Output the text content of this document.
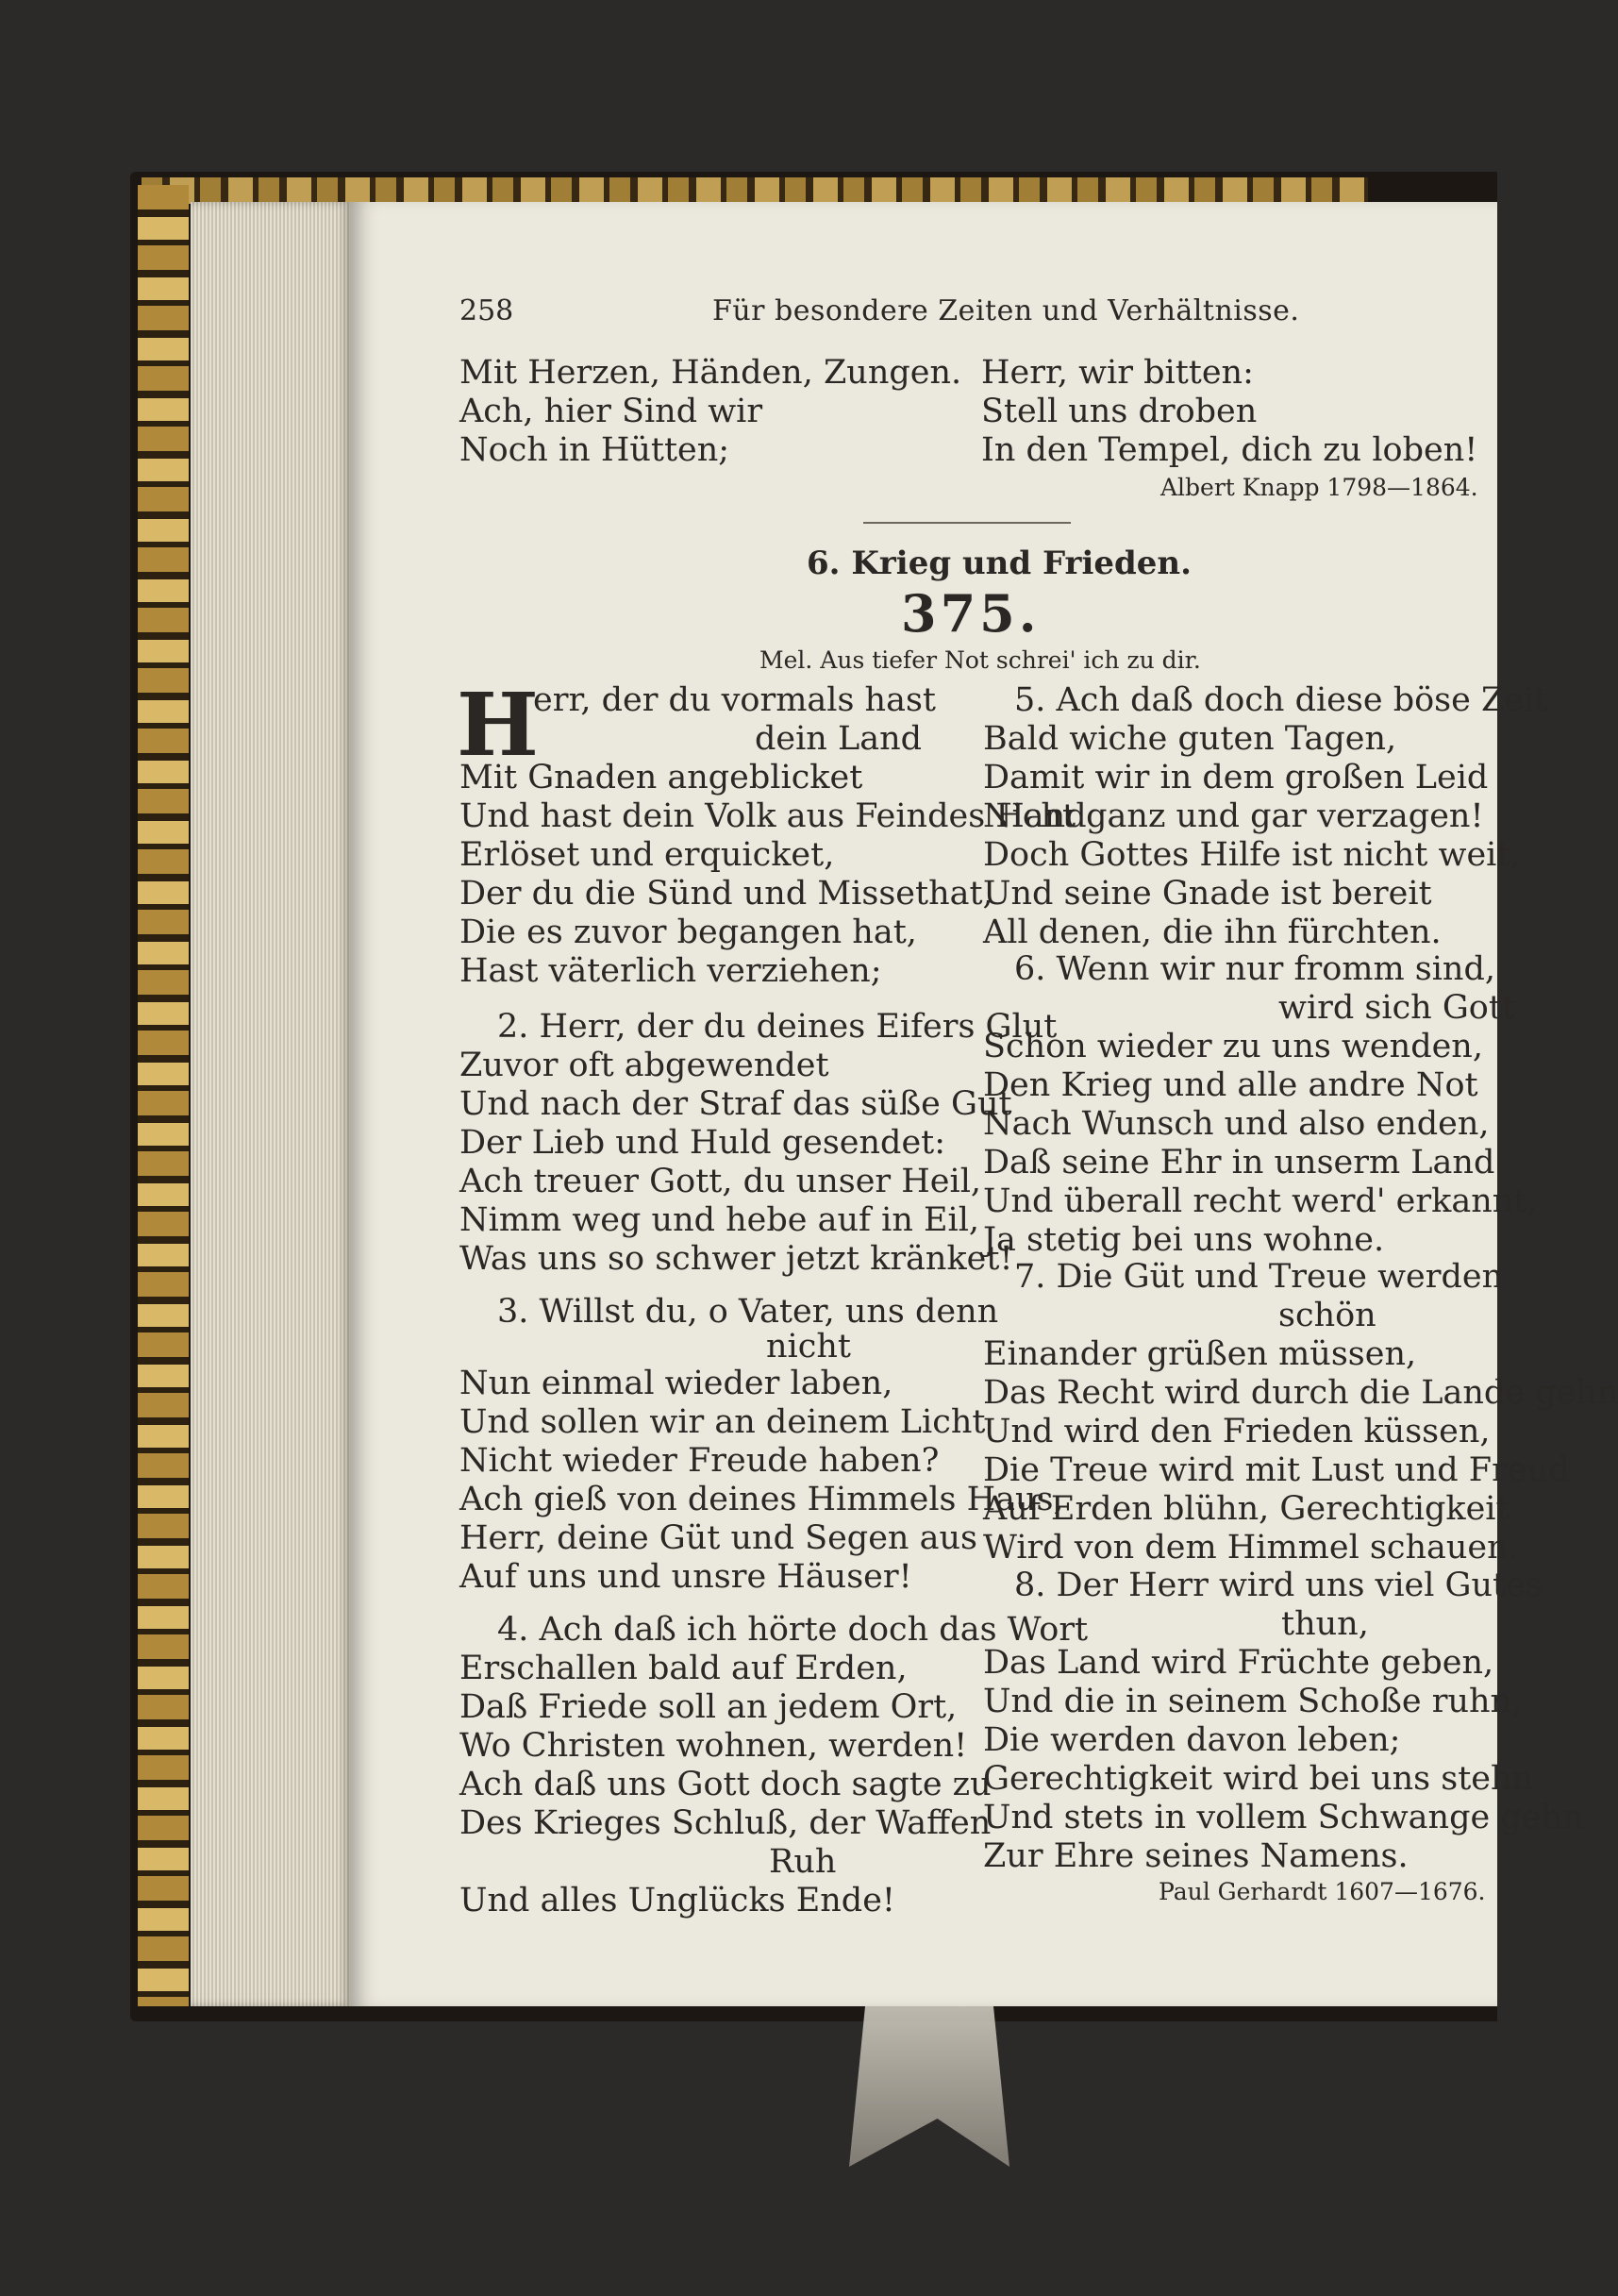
258	Für besondere Zeiten und Verhältnisse.
Mit Herzen, Händen, Zungen.
Ach, hier Sind wir
Noch in Hütten;
Herr, wir bitten:
Stell uns droben
In den Tempel, dich zu loben!
Albert Knapp 1798—1864.
6. Krieg und Frieden.
375.
Mel. Aus tiefer Not schrei' ich zu dir.
H
err, der du vormals hast
dein Land
Mit Gnaden angeblicket
Und hast dein Volk aus Feindes Hand
Erlöset und erquicket,
Der du die Sünd und Missethat,
Die es zuvor begangen hat,
Hast väterlich verziehen;
2. Herr, der du deines Eifers Glut
Zuvor oft abgewendet
Und nach der Straf das süße Gut
Der Lieb und Huld gesendet:
Ach treuer Gott, du unser Heil,
Nimm weg und hebe auf in Eil,
Was uns so schwer jetzt kränket!
3. Willst du, o Vater, uns denn
nicht
Nun einmal wieder laben,
Und sollen wir an deinem Licht
Nicht wieder Freude haben?
Ach gieß von deines Himmels Haus,
Herr, deine Güt und Segen aus
Auf uns und unsre Häuser!
4. Ach daß ich hörte doch das Wort
Erschallen bald auf Erden,
Daß Friede soll an jedem Ort,
Wo Christen wohnen, werden!
Ach daß uns Gott doch sagte zu
Des Krieges Schluß, der Waffen
Ruh
Und alles Unglücks Ende!
5. Ach daß doch diese böse Zeit
Bald wiche guten Tagen,
Damit wir in dem großen Leid
Nicht ganz und gar verzagen!
Doch Gottes Hilfe ist nicht weit,
Und seine Gnade ist bereit
All denen, die ihn fürchten.
6. Wenn wir nur fromm sind,
wird sich Gott
Schon wieder zu uns wenden,
Den Krieg und alle andre Not
Nach Wunsch und also enden,
Daß seine Ehr in unserm Land
Und überall recht werd' erkannt,
Ja stetig bei uns wohne.
7. Die Güt und Treue werden
schön
Einander grüßen müssen,
Das Recht wird durch die Lande gehn
Und wird den Frieden küssen,
Die Treue wird mit Lust und Freud
Auf Erden blühn, Gerechtigkeit
Wird von dem Himmel schauen.
8. Der Herr wird uns viel Gutes
thun,
Das Land wird Früchte geben,
Und die in seinem Schoße ruhn,
Die werden davon leben;
Gerechtigkeit wird bei uns stehn
Und stets in vollem Schwange gehn
Zur Ehre seines Namens.
Paul Gerhardt 1607—1676.
